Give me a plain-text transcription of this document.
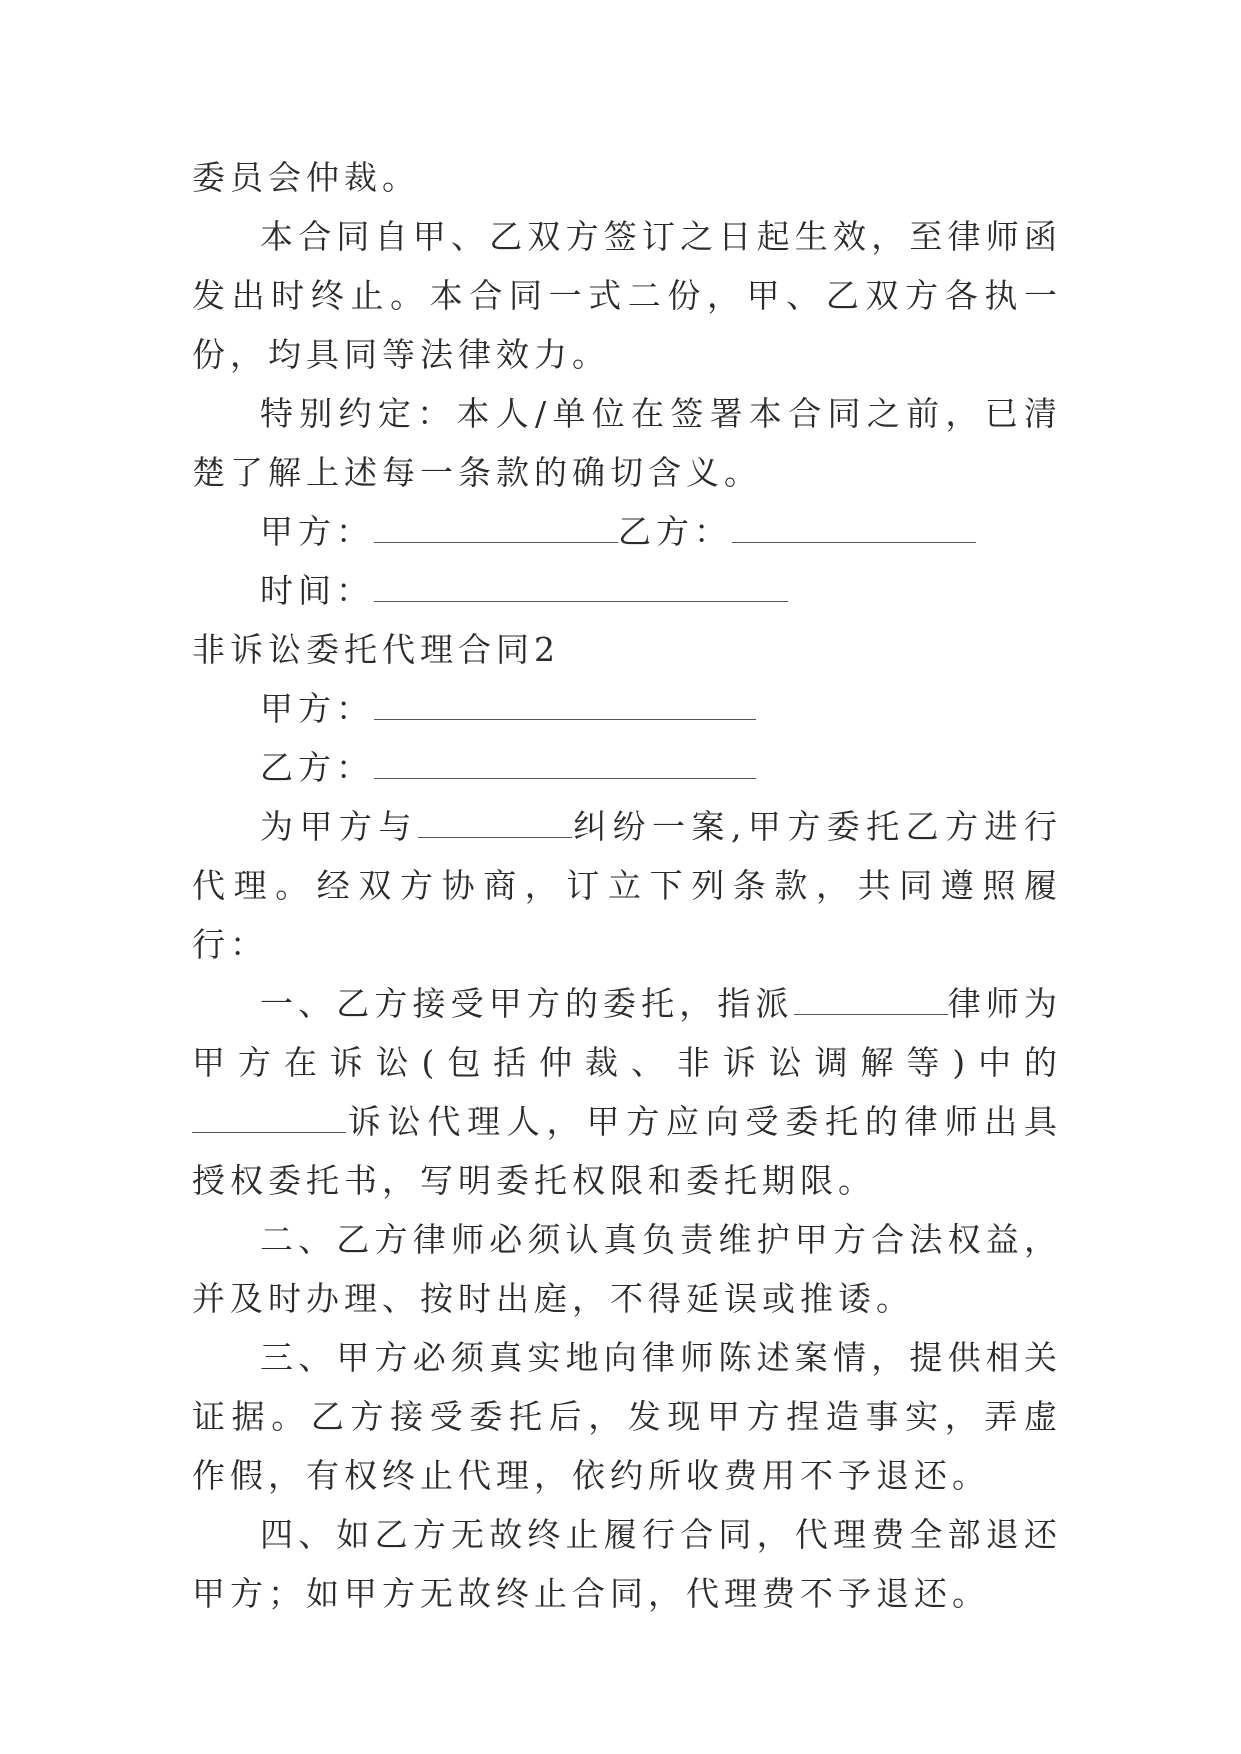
委员会仲裁。

本合同自甲、乙双方签订之日起生效，至律师函发出时终止。本合同一式二份，甲、乙双方各执一份，均具同等法律效力。

特别约定：本人/单位在签署本合同之前，已清楚了解上述每一条款的确切含义。

甲方：	乙方：

时间：

非诉讼委托代理合同2

甲方：

乙方：

为甲方与	纠纷一案,甲方委托乙方进行代理。经双方协商，订立下列条款，共同遵照履行：

一、乙方接受甲方的委托，指派	律师为甲方在诉讼(包括仲裁、非诉讼调解等)中的诉讼代理人，甲方应向受委托的律师出具授权委托书，写明委托权限和委托期限。

二、乙方律师必须认真负责维护甲方合法权益，并及时办理、按时出庭，不得延误或推诿。

三、甲方必须真实地向律师陈述案情，提供相关证据。乙方接受委托后，发现甲方捏造事实，弄虚作假，有权终止代理，依约所收费用不予退还。

四、如乙方无故终止履行合同，代理费全部退还甲方；如甲方无故终止合同，代理费不予退还。
